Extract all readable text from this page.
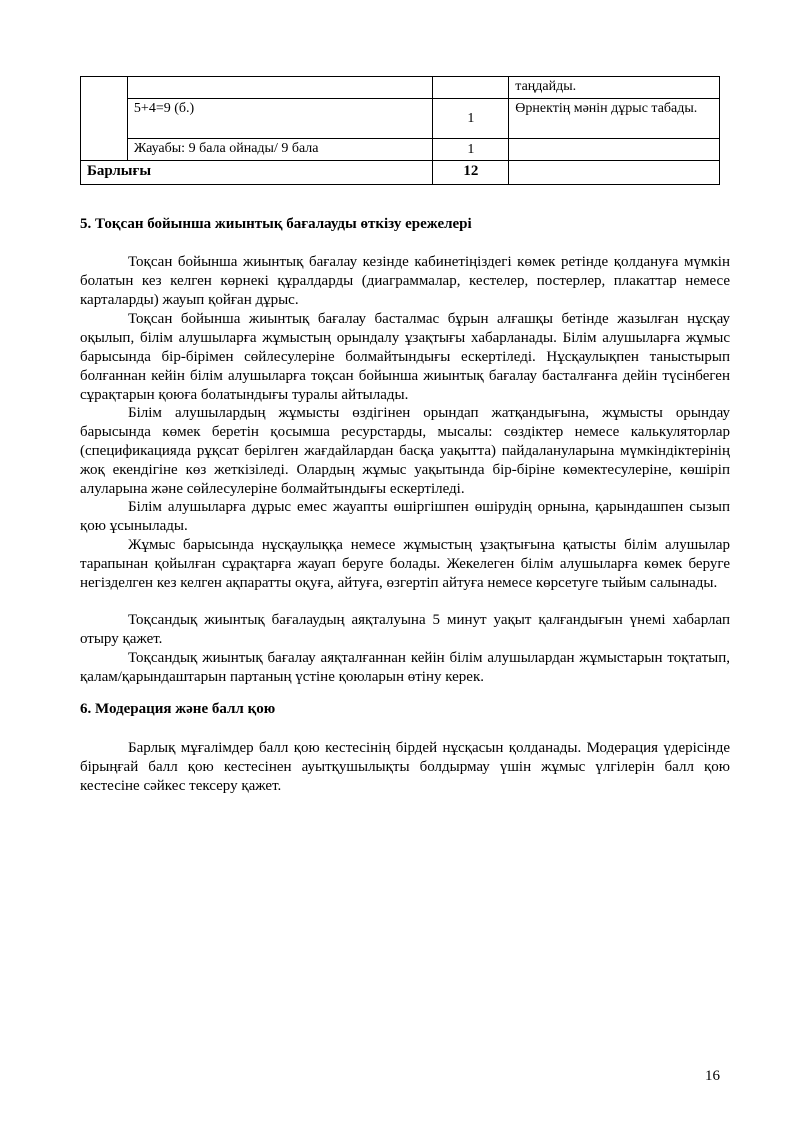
			таңдайды.
	5+4=9 (б.)	1	Өрнектің мәнін дұрыс табады.
	Жауабы: 9 бала ойнады/ 9 бала	1	
Барлығы		12	
5. Тоқсан бойынша жиынтық бағалауды өткізу ережелері

Тоқсан бойынша жиынтық бағалау кезінде кабинетіңіздегі көмек ретінде қолдануға мүмкін болатын кез келген көрнекі құралдарды (диаграммалар, кестелер, постерлер, плакаттар немесе карталарды) жауып қойған дұрыс.

Тоқсан бойынша жиынтық бағалау басталмас бұрын алғашқы бетінде жазылған нұсқау оқылып, білім алушыларға жұмыстың орындалу ұзақтығы хабарланады. Білім алушыларға жұмыс барысында бір-бірімен сөйлесулеріне болмайтындығы ескертіледі. Нұсқаулықпен таныстырып болғаннан кейін білім алушыларға тоқсан бойынша жиынтық бағалау басталғанға дейін түсінбеген сұрақтарын қоюға болатындығы туралы айтылады.

Білім алушылардың жұмысты өздігінен орындап жатқандығына, жұмысты орындау барысында көмек беретін қосымша ресурстарды, мысалы: сөздіктер немесе калькуляторлар (спецификацияда рұқсат берілген жағдайлардан басқа уақытта) пайдалануларына мүмкіндіктерінің жоқ екендігіне көз жеткізіледі. Олардың жұмыс уақытында бір-біріне көмектесулеріне, көшіріп алуларына және сөйлесулеріне болмайтындығы ескертіледі.

Білім алушыларға дұрыс емес жауапты өшіргішпен өшірудің орнына, қарындашпен сызып қою ұсынылады.

Жұмыс барысында нұсқаулыққа немесе жұмыстың ұзақтығына қатысты білім алушылар тарапынан қойылған сұрақтарға жауап беруге болады. Жекелеген білім алушыларға көмек беруге негізделген кез келген ақпаратты оқуға, айтуға, өзгертіп айтуға немесе көрсетуге тыйым салынады.

Тоқсандық жиынтық бағалаудың аяқталуына 5 минут уақыт қалғандығын үнемі хабарлап отыру қажет.

Тоқсандық жиынтық бағалау аяқталғаннан кейін білім алушылардан жұмыстарын тоқтатып, қалам/қарындаштарын партаның үстіне қоюларын өтіну керек.

6. Модерация және балл қою

Барлық мұғалімдер балл қою кестесінің бірдей нұсқасын қолданады. Модерация үдерісінде бірыңғай балл қою кестесінен ауытқушылықты болдырмау үшін жұмыс үлгілерін балл қою кестесіне сәйкес тексеру қажет.

16
